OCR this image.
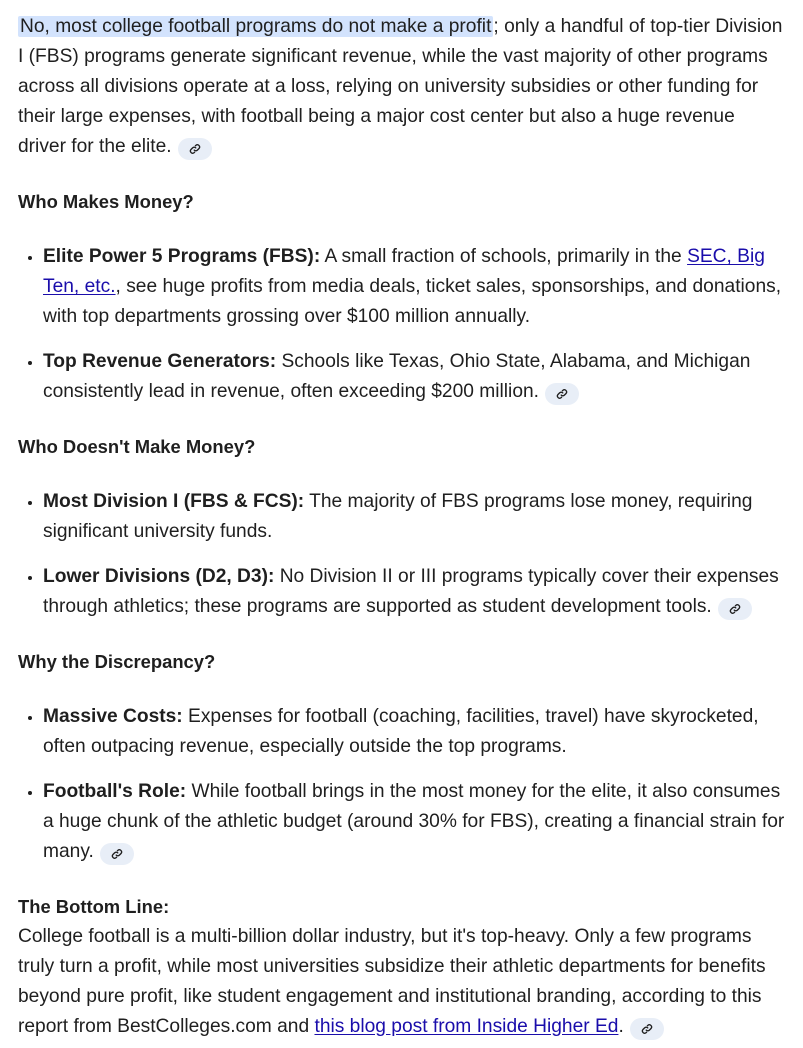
No, most college football programs do not make a profit ; only a handful of top-tier Division I (FBS) programs generate significant revenue, while the vast majority of other programs across all divisions operate at a loss, relying on university subsidies or other funding for their large expenses, with football being a major cost center but also a huge revenue driver for the elite.

Who Makes Money?
• Elite Power 5 Programs (FBS): A small fraction of schools, primarily in the SEC, Big Ten, etc., see huge profits from media deals, ticket sales, sponsorships, and donations, with top departments grossing over $100 million annually.
• Top Revenue Generators: Schools like Texas, Ohio State, Alabama, and Michigan consistently lead in revenue, often exceeding $200 million.
Who Doesn't Make Money?
• Most Division I (FBS & FCS): The majority of FBS programs lose money, requiring significant university funds.
• Lower Divisions (D2, D3): No Division II or III programs typically cover their expenses through athletics; these programs are supported as student development tools.
Why the Discrepancy?
• Massive Costs: Expenses for football (coaching, facilities, travel) have skyrocketed, often outpacing revenue, especially outside the top programs.
• Football's Role: While football brings in the most money for the elite, it also consumes a huge chunk of the athletic budget (around 30% for FBS), creating a financial strain for many.
The Bottom Line:

College football is a multi-billion dollar industry, but it's top-heavy. Only a few programs truly turn a profit, while most universities subsidize their athletic departments for benefits beyond pure profit, like student engagement and institutional branding, according to this report from BestColleges.com and this blog post from Inside Higher Ed.
